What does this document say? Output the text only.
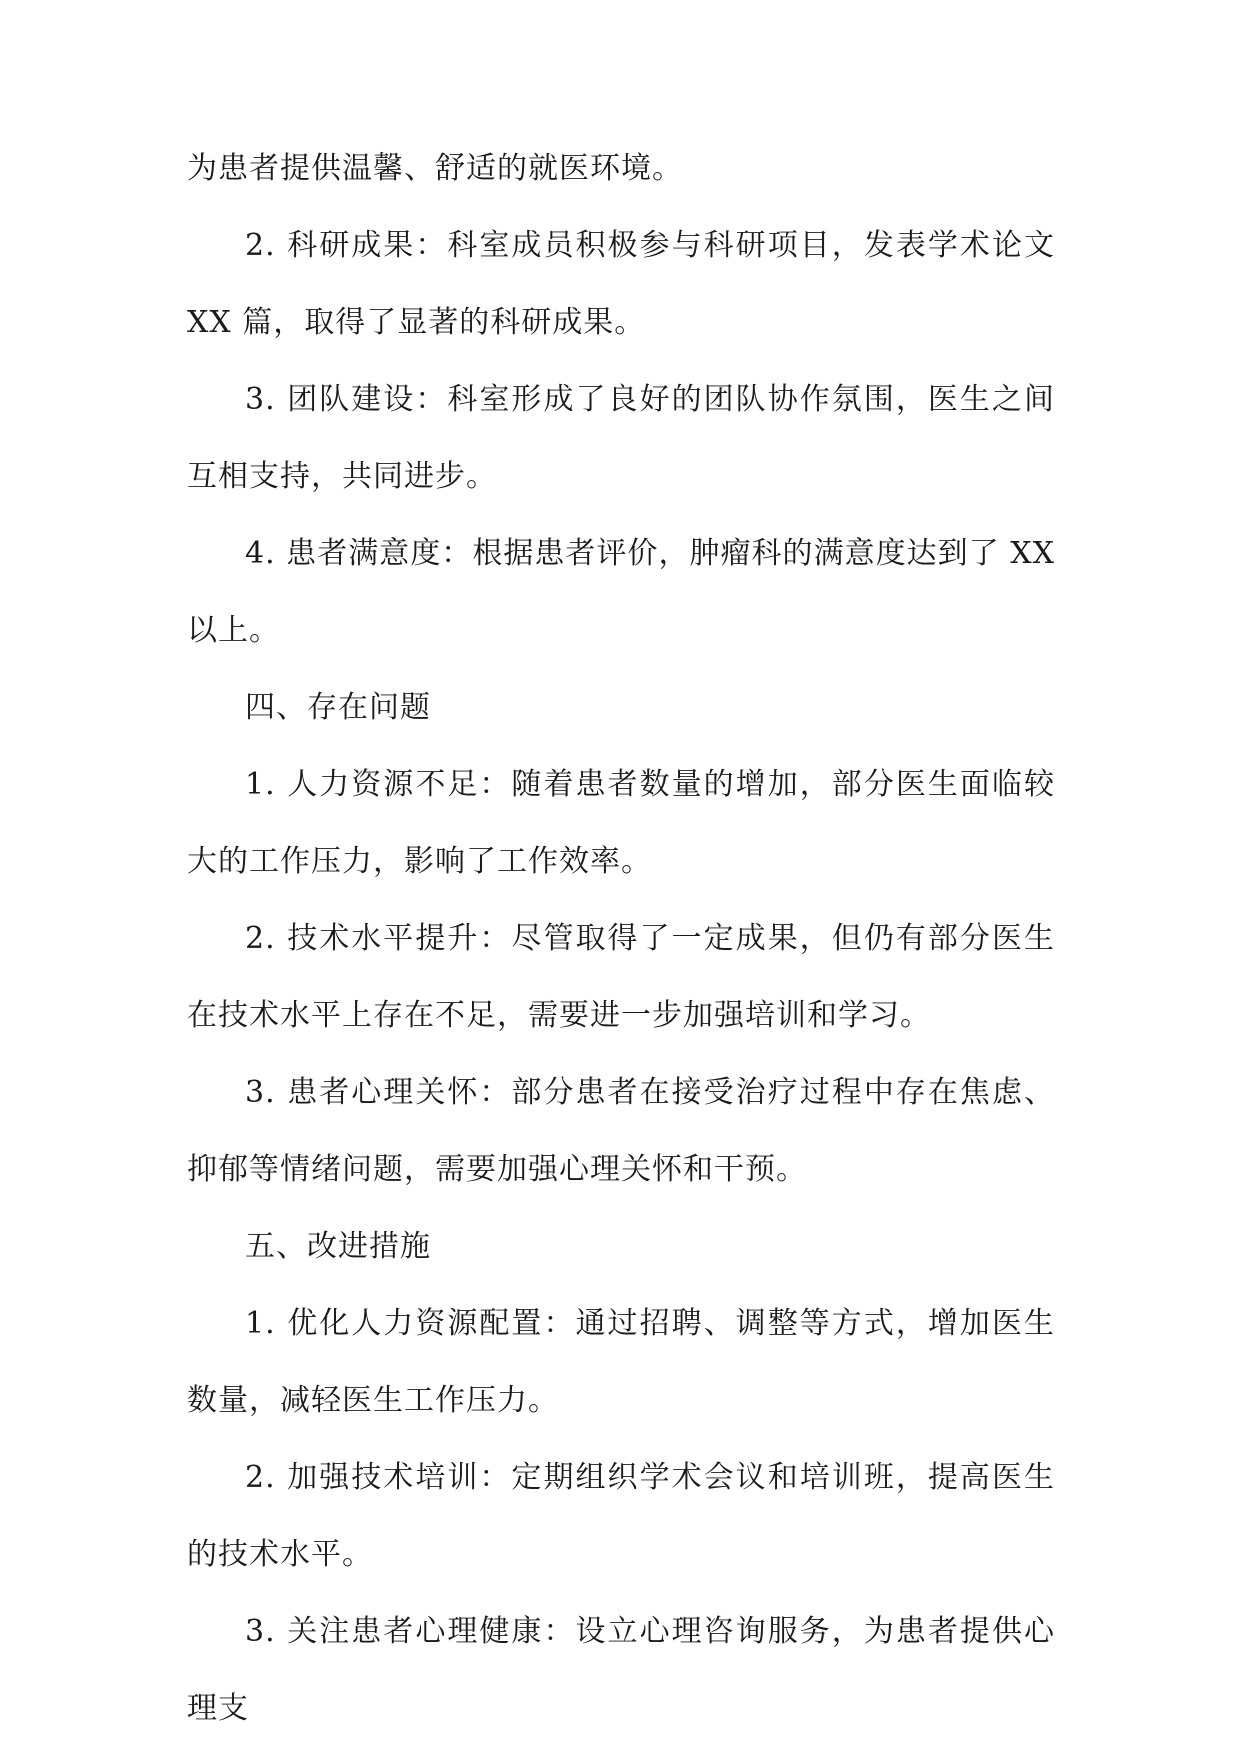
为患者提供温馨、舒适的就医环境。

2. 科研成果：科室成员积极参与科研项目，发表学术论文 XX 篇，取得了显著的科研成果。

3. 团队建设：科室形成了良好的团队协作氛围，医生之间互相支持，共同进步。

4. 患者满意度：根据患者评价，肿瘤科的满意度达到了 XX 以上。

四、存在问题

1. 人力资源不足：随着患者数量的增加，部分医生面临较大的工作压力，影响了工作效率。

2. 技术水平提升：尽管取得了一定成果，但仍有部分医生在技术水平上存在不足，需要进一步加强培训和学习。

3. 患者心理关怀：部分患者在接受治疗过程中存在焦虑、抑郁等情绪问题，需要加强心理关怀和干预。

五、改进措施

1. 优化人力资源配置：通过招聘、调整等方式，增加医生数量，减轻医生工作压力。

2. 加强技术培训：定期组织学术会议和培训班，提高医生的技术水平。

3. 关注患者心理健康：设立心理咨询服务，为患者提供心理支
